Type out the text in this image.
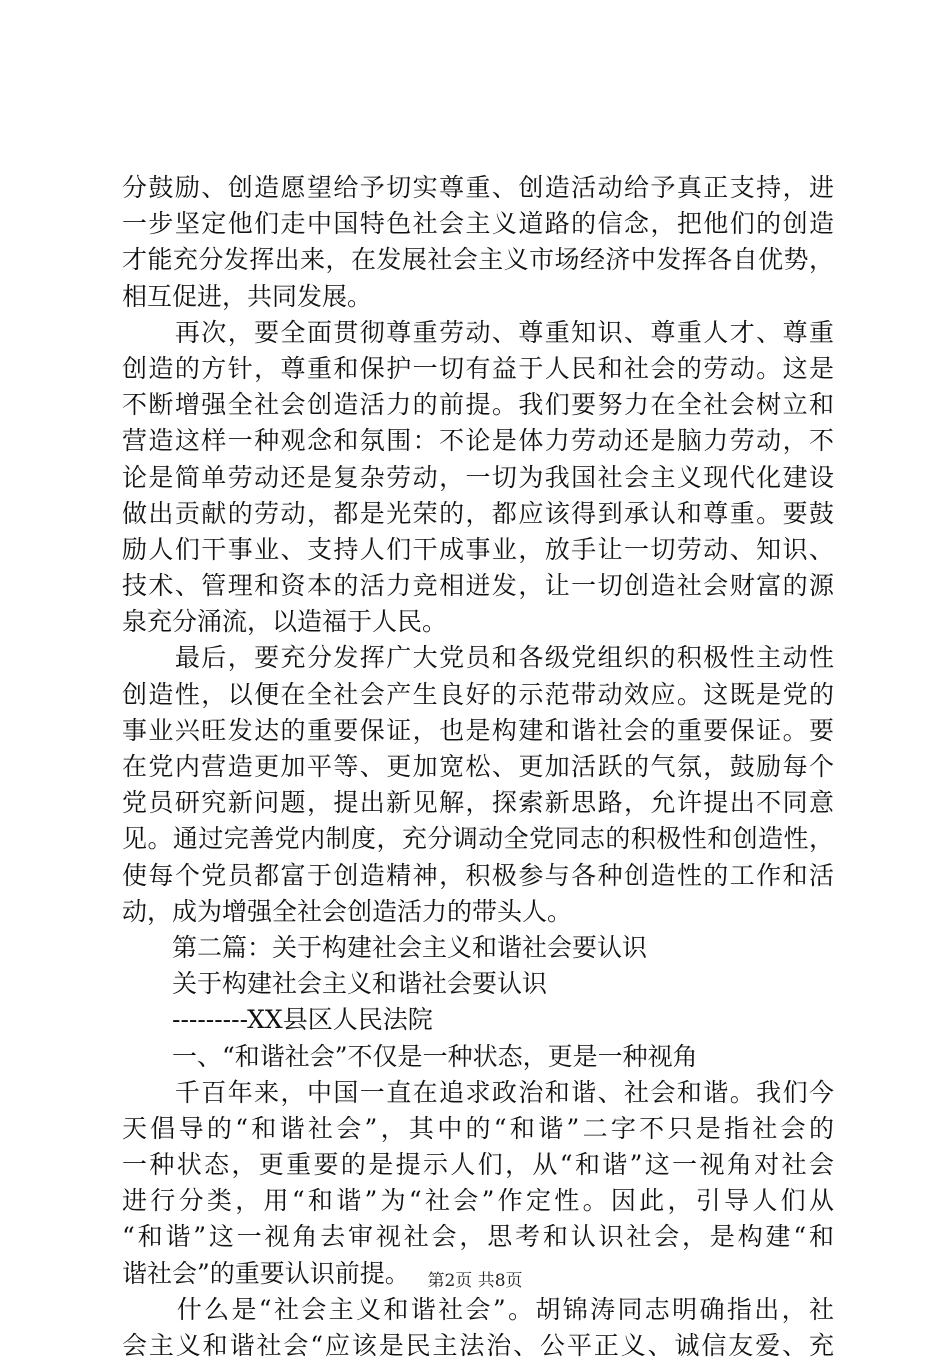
分鼓励、创造愿望给予切实尊重、创造活动给予真正支持，进
一步坚定他们走中国特色社会主义道路的信念，把他们的创造
才能充分发挥出来，在发展社会主义市场经济中发挥各自优势，
相互促进，共同发展。
　　再次，要全面贯彻尊重劳动、尊重知识、尊重人才、尊重
创造的方针，尊重和保护一切有益于人民和社会的劳动。这是
不断增强全社会创造活力的前提。我们要努力在全社会树立和
营造这样一种观念和氛围：不论是体力劳动还是脑力劳动，不
论是简单劳动还是复杂劳动，一切为我国社会主义现代化建设
做出贡献的劳动，都是光荣的，都应该得到承认和尊重。要鼓
励人们干事业、支持人们干成事业，放手让一切劳动、知识、
技术、管理和资本的活力竞相迸发，让一切创造社会财富的源
泉充分涌流，以造福于人民。
　　最后，要充分发挥广大党员和各级党组织的积极性主动性
创造性，以便在全社会产生良好的示范带动效应。这既是党的
事业兴旺发达的重要保证，也是构建和谐社会的重要保证。要
在党内营造更加平等、更加宽松、更加活跃的气氛，鼓励每个
党员研究新问题，提出新见解，探索新思路，允许提出不同意
见。通过完善党内制度，充分调动全党同志的积极性和创造性，
使每个党员都富于创造精神，积极参与各种创造性的工作和活
动，成为增强全社会创造活力的带头人。
　　第二篇：关于构建社会主义和谐社会要认识
　　关于构建社会主义和谐社会要认识
　　---------XX县区人民法院
　　一、“和谐社会”不仅是一种状态，更是一种视角
　　千百年来，中国一直在追求政治和谐、社会和谐。我们今
天倡导的“和谐社会”，其中的“和谐”二字不只是指社会的
一种状态，更重要的是提示人们，从“和谐”这一视角对社会
进行分类，用“和谐”为“社会”作定性。因此，引导人们从
“和谐”这一视角去审视社会，思考和认识社会，是构建“和
谐社会”的重要认识前提。
　　什么是“社会主义和谐社会”。胡锦涛同志明确指出，社
会主义和谐社会“应该是民主法治、公平正义、诚信友爱、充
第2页 共8页
